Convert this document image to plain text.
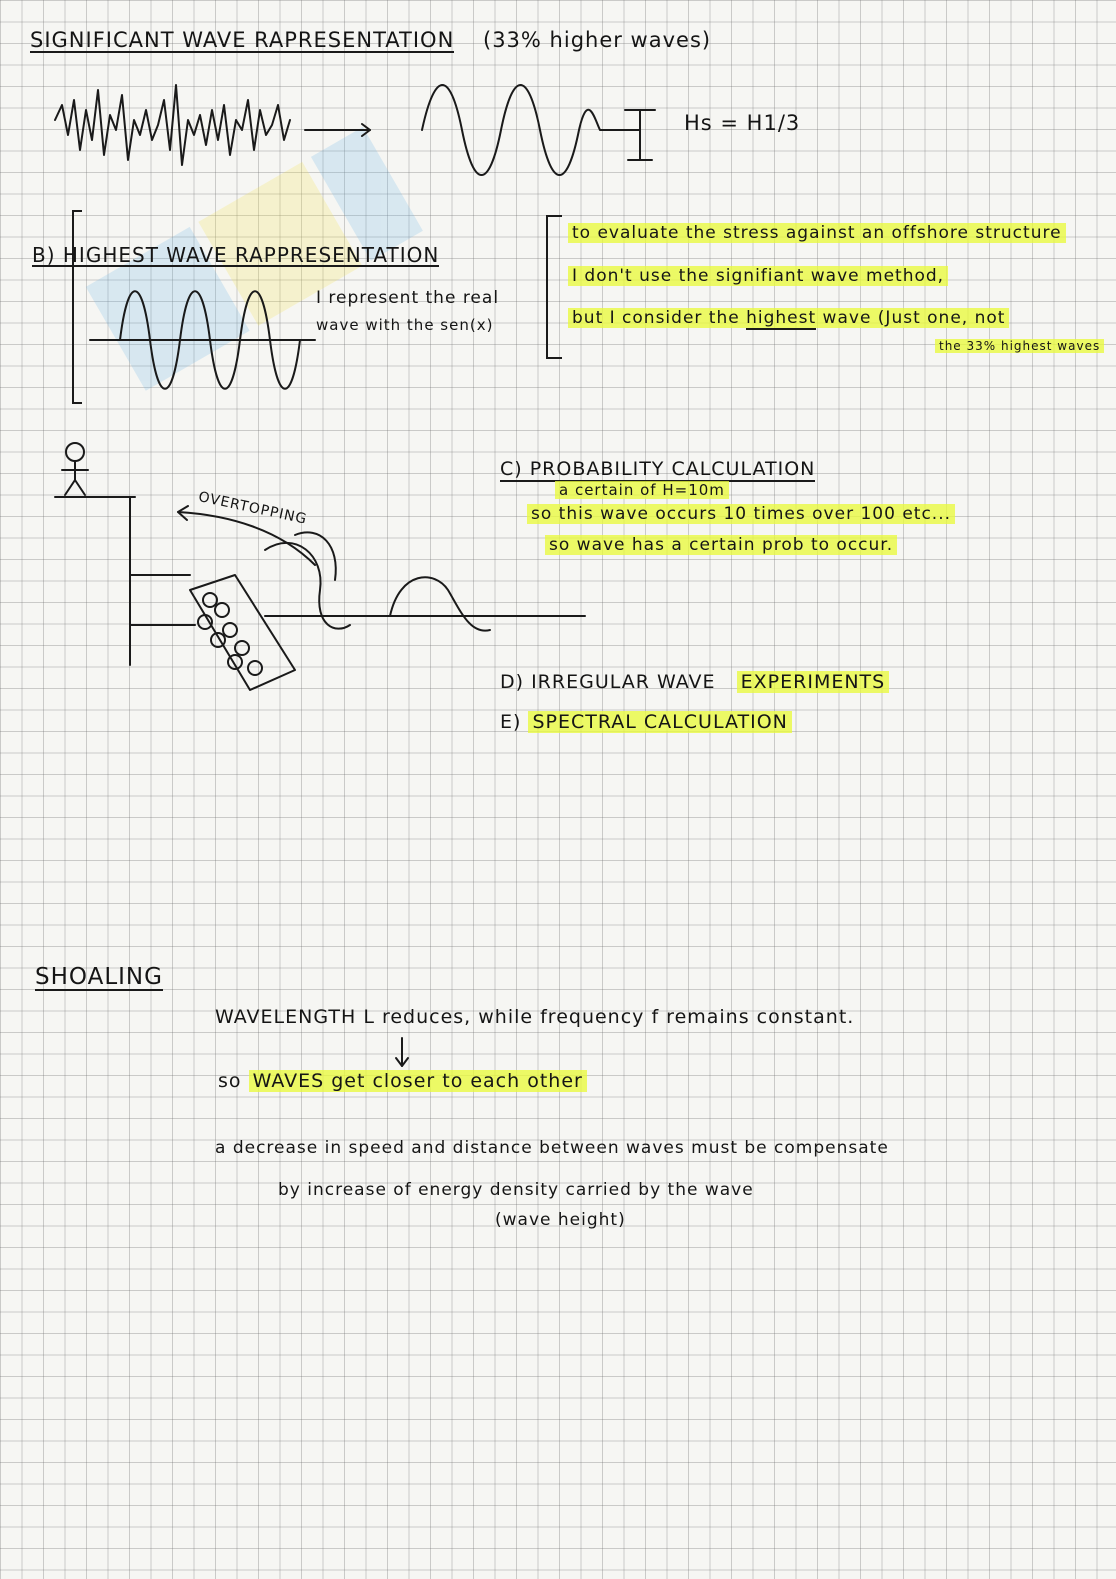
SIGNIFICANT WAVE RAPRESENTATION (33% higher waves)
Hs = H1/3
B) HIGHEST WAVE RAPPRESENTATION
I represent the real
wave with the sen(x)
to evaluate the stress against an offshore structure
I don't use the signifiant wave method,
but I consider the highest wave (Just one, not
the 33% highest waves
OVERTOPPING
C) PROBABILITY CALCULATION
a certain of H=10m
so this wave occurs 10 times over 100 etc...
so wave has a certain prob to occur.
D) IRREGULAR WAVE EXPERIMENTS
E) SPECTRAL CALCULATION
SHOALING
WAVELENGTH L reduces, while frequency f remains constant.
so WAVES get closer to each other
a decrease in speed and distance between waves must be compensate
by increase of energy density carried by the wave
(wave height)
